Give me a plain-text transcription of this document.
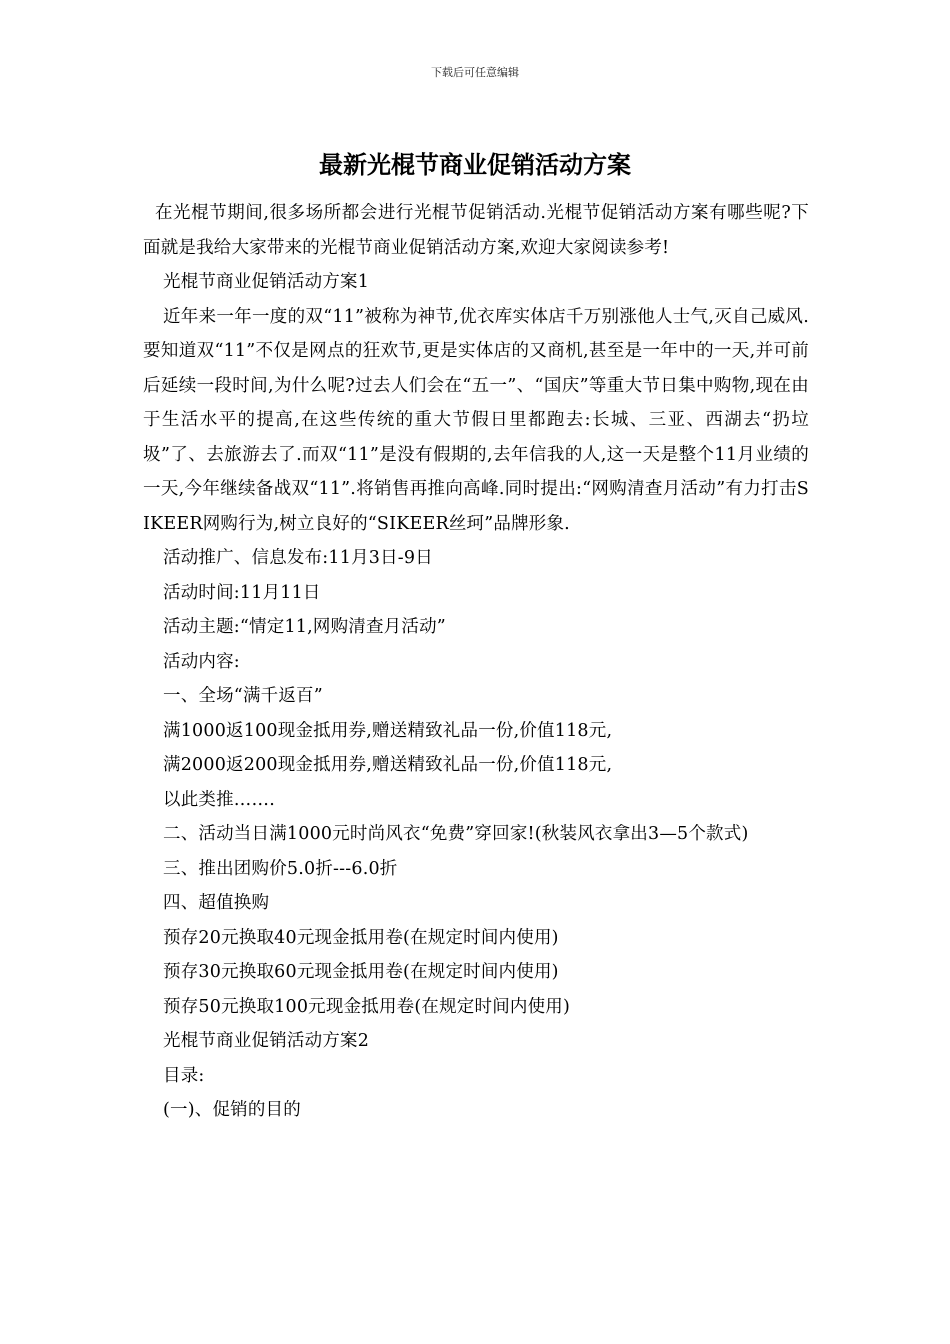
下载后可任意编辑
最新光棍节商业促销活动方案

在光棍节期间,很多场所都会进行光棍节促销活动.光棍节促销活动方案有哪些呢?下面就是我给大家带来的光棍节商业促销活动方案,欢迎大家阅读参考!

光棍节商业促销活动方案1

近年来一年一度的双“11”被称为神节,优衣库实体店千万别涨他人士气,灭自己威风.要知道双“11”不仅是网点的狂欢节,更是实体店的又商机,甚至是一年中的一天,并可前后延续一段时间,为什么呢?过去人们会在“五一”、“国庆”等重大节日集中购物,现在由于生活水平的提高,在这些传统的重大节假日里都跑去:长城、三亚、西湖去“扔垃圾”了、去旅游去了.而双“11”是没有假期的,去年信我的人,这一天是整个11月业绩的一天,今年继续备战双“11”.将销售再推向高峰.同时提出:“网购清查月活动”有力打击SIKEER网购行为,树立良好的“SIKEER丝珂”品牌形象.

活动推广、信息发布:11月3日-9日

活动时间:11月11日

活动主题:“情定11,网购清查月活动”

活动内容:

一、全场“满千返百”

满1000返100现金抵用券,赠送精致礼品一份,价值118元,

满2000返200现金抵用券,赠送精致礼品一份,价值118元,

以此类推…….

二、活动当日满1000元时尚风衣“免费”穿回家!(秋装风衣拿出3—5个款式)

三、推出团购价5.0折---6.0折

四、超值换购

预存20元换取40元现金抵用卷(在规定时间内使用)

预存30元换取60元现金抵用卷(在规定时间内使用)

预存50元换取100元现金抵用卷(在规定时间内使用)

光棍节商业促销活动方案2

目录:

(一)、促销的目的
